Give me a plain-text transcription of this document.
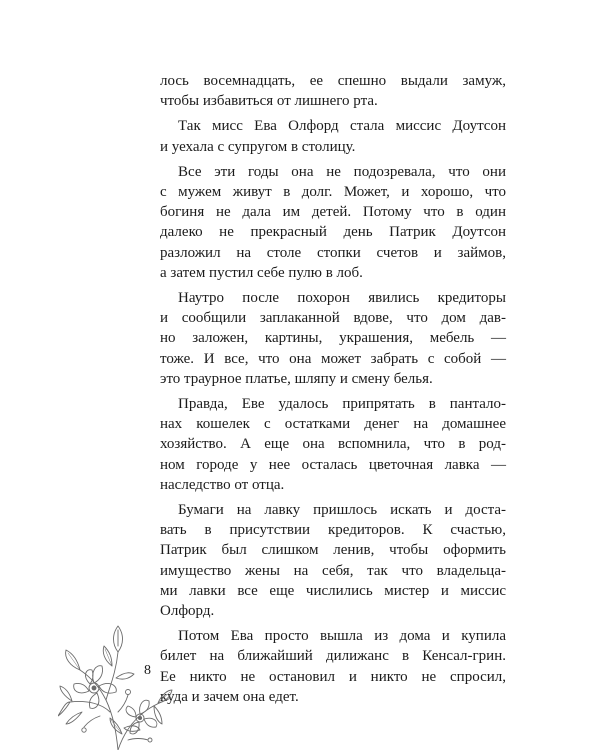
лось восемнадцать, ее спешно выдали замуж,
чтобы избавиться от лишнего рта.

Так мисс Ева Олфорд стала миссис Доутсон
и уехала с супругом в столицу.

Все эти годы она не подозревала, что они
с мужем живут в долг. Может, и хорошо, что
богиня не дала им детей. Потому что в один
далеко не прекрасный день Патрик Доутсон
разложил на столе стопки счетов и займов,
а затем пустил себе пулю в лоб.

Наутро после похорон явились кредиторы
и сообщили заплаканной вдове, что дом дав-
но заложен, картины, украшения, мебель —
тоже. И все, что она может забрать с собой —
это траурное платье, шляпу и смену белья.

Правда, Еве удалось припрятать в пантало-
нах кошелек с остатками денег на домашнее
хозяйство. А еще она вспомнила, что в род-
ном городе у нее осталась цветочная лавка —
наследство от отца.

Бумаги на лавку пришлось искать и доста-
вать в присутствии кредиторов. К счастью,
Патрик был слишком ленив, чтобы оформить
имущество жены на себя, так что владельца-
ми лавки все еще числились мистер и миссис
Олфорд.

Потом Ева просто вышла из дома и купила
билет на ближайший дилижанс в Кенсал-грин.
Ее никто не остановил и никто не спросил,
куда и зачем она едет.

8
